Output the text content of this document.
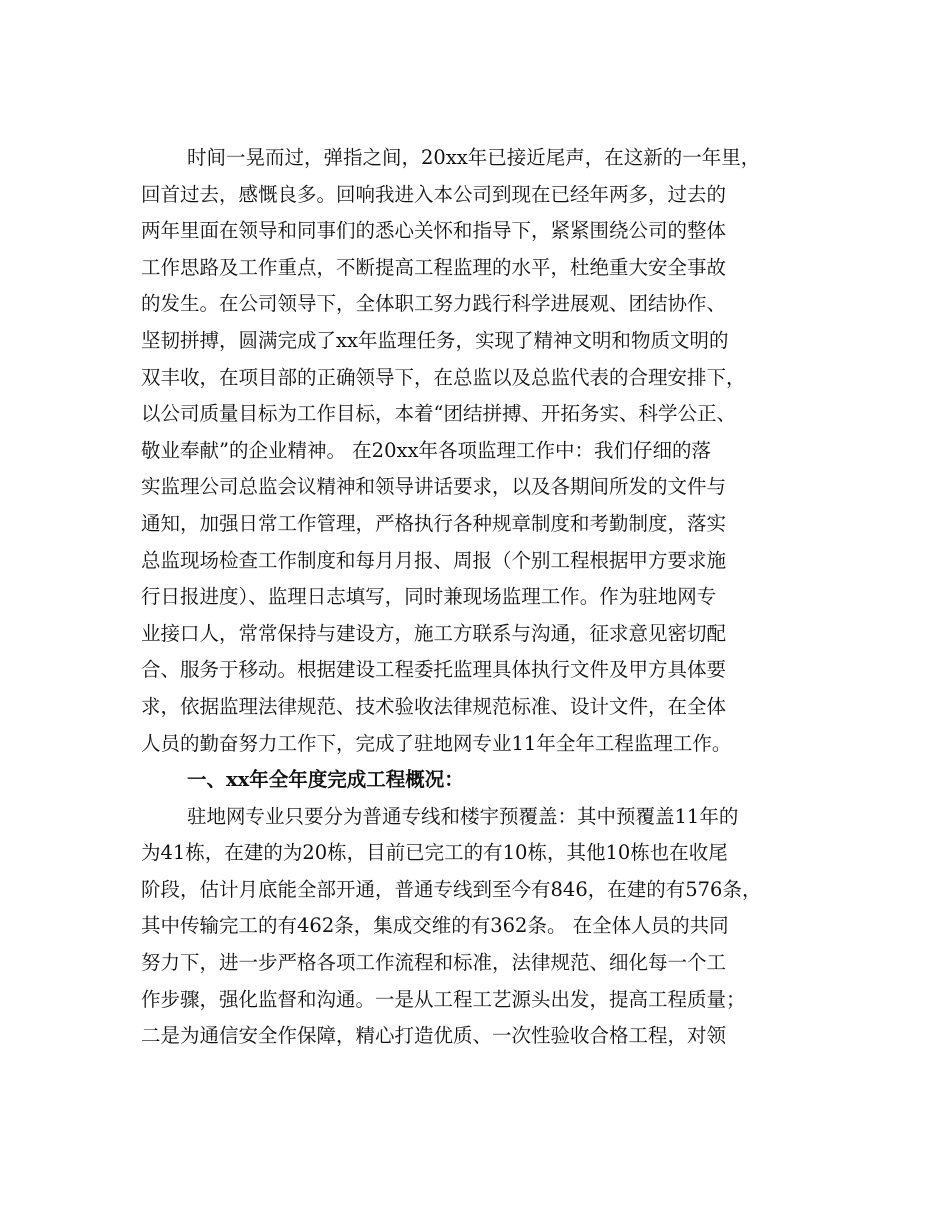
时间一晃而过，弹指之间，20xx年已接近尾声，在这新的一年里，
回首过去，感慨良多。回响我进入本公司到现在已经年两多，过去的
两年里面在领导和同事们的悉心关怀和指导下，紧紧围绕公司的整体
工作思路及工作重点，不断提高工程监理的水平，杜绝重大安全事故
的发生。在公司领导下，全体职工努力践行科学进展观、团结协作、
坚韧拼搏，圆满完成了xx年监理任务，实现了精神文明和物质文明的
双丰收，在项目部的正确领导下，在总监以及总监代表的合理安排下，
以公司质量目标为工作目标，本着“团结拼搏、开拓务实、科学公正、
敬业奉献”的企业精神。 在20xx年各项监理工作中：我们仔细的落
实监理公司总监会议精神和领导讲话要求，以及各期间所发的文件与
通知，加强日常工作管理，严格执行各种规章制度和考勤制度，落实
总监现场检查工作制度和每月月报、周报（个别工程根据甲方要求施
行日报进度）、监理日志填写，同时兼现场监理工作。作为驻地网专
业接口人，常常保持与建设方，施工方联系与沟通，征求意见密切配
合、服务于移动。根据建设工程委托监理具体执行文件及甲方具体要
求，依据监理法律规范、技术验收法律规范标准、设计文件，在全体
人员的勤奋努力工作下，完成了驻地网专业11年全年工程监理工作。
一、xx年全年度完成工程概况：
驻地网专业只要分为普通专线和楼宇预覆盖：其中预覆盖11年的
为41栋，在建的为20栋，目前已完工的有10栋，其他10栋也在收尾
阶段，估计月底能全部开通，普通专线到至今有846，在建的有576条，
其中传输完工的有462条，集成交维的有362条。 在全体人员的共同
努力下，进一步严格各项工作流程和标准，法律规范、细化每一个工
作步骤，强化监督和沟通。一是从工程工艺源头出发，提高工程质量；
二是为通信安全作保障，精心打造优质、一次性验收合格工程，对领
